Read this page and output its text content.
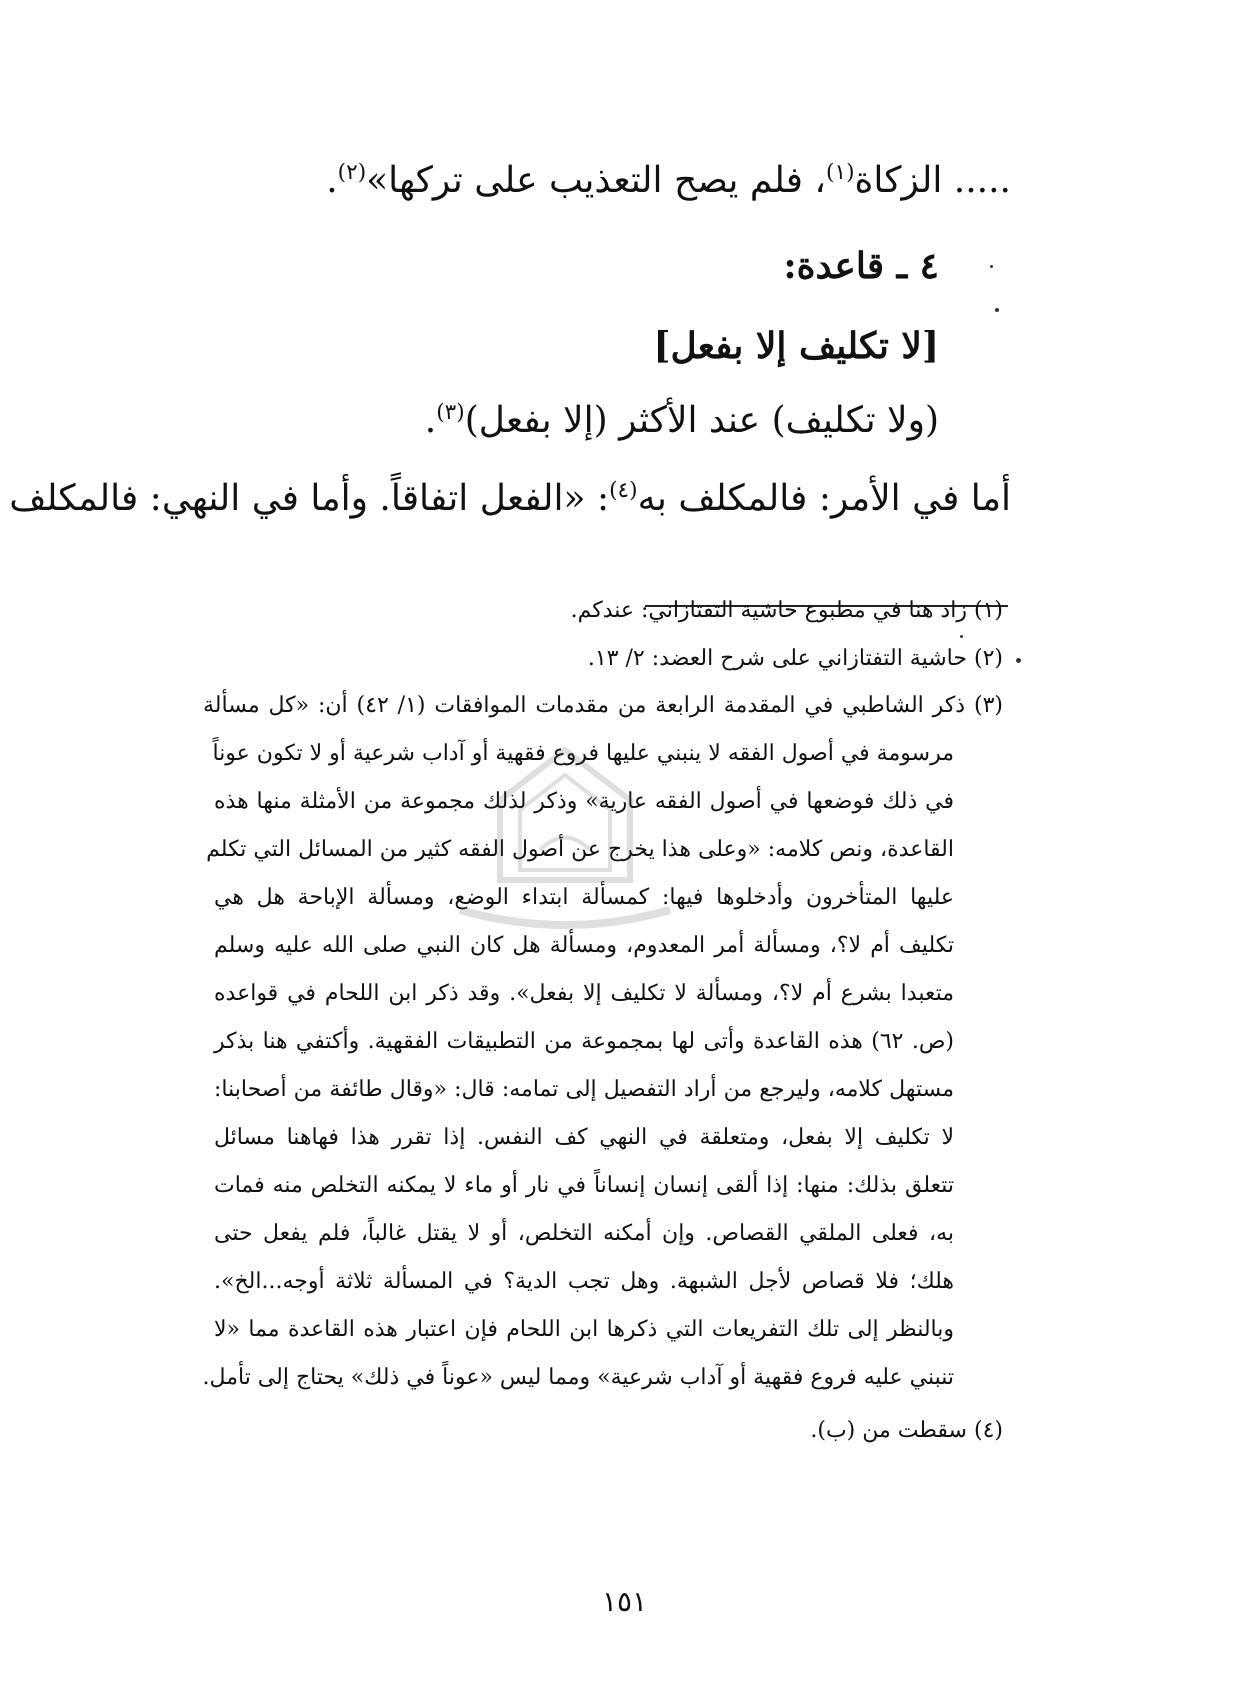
..... الزكاة$^{(١)}$، فلم يصح التعذيب على تركها»$^{(٢)}$.
٤ ـ قاعدة:
[لا تكليف إلا بفعل]
(ولا تكليف) عند الأكثر (إلا بفعل)$^{(٣)}$.
أما في الأمر: فالمكلف به$^{(٤)}$: «الفعل اتفاقاً. وأما في النهي: فالمكلف
(١) زاد هنا في مطبوع حاشية التفتازاني: عندكم.
(٢) حاشية التفتازاني على شرح العضد: ٢/ ١٣.
(٣) ذكر الشاطبي في المقدمة الرابعة من مقدمات الموافقات (١/ ٤٢) أن: «كل مسألة
مرسومة في أصول الفقه لا ينبني عليها فروع فقهية أو آداب شرعية أو لا تكون عوناً
في ذلك فوضعها في أصول الفقه عارية» وذكر لذلك مجموعة من الأمثلة منها هذه
القاعدة، ونص كلامه: «وعلى هذا يخرج عن أصول الفقه كثير من المسائل التي تكلم
عليها المتأخرون وأدخلوها فيها: كمسألة ابتداء الوضع، ومسألة الإباحة هل هي
تكليف أم لا؟، ومسألة أمر المعدوم، ومسألة هل كان النبي صلى الله عليه وسلم
متعبدا بشرع أم لا؟، ومسألة لا تكليف إلا بفعل». وقد ذكر ابن اللحام في قواعده
(ص. ٦٢) هذه القاعدة وأتى لها بمجموعة من التطبيقات الفقهية. وأكتفي هنا بذكر
مستهل كلامه، وليرجع من أراد التفصيل إلى تمامه: قال: «وقال طائفة من أصحابنا:
لا تكليف إلا بفعل، ومتعلقة في النهي كف النفس. إذا تقرر هذا فهاهنا مسائل
تتعلق بذلك: منها: إذا ألقى إنسان إنساناً في نار أو ماء لا يمكنه التخلص منه فمات
به، فعلى الملقي القصاص. وإن أمكنه التخلص، أو لا يقتل غالباً، فلم يفعل حتى
هلك؛ فلا قصاص لأجل الشبهة. وهل تجب الدية؟ في المسألة ثلاثة أوجه...الخ».
وبالنظر إلى تلك التفريعات التي ذكرها ابن اللحام فإن اعتبار هذه القاعدة مما «لا
تنبني عليه فروع فقهية أو آداب شرعية» ومما ليس «عوناً في ذلك» يحتاج إلى تأمل.
(٤) سقطت من (ب).
١٥١
